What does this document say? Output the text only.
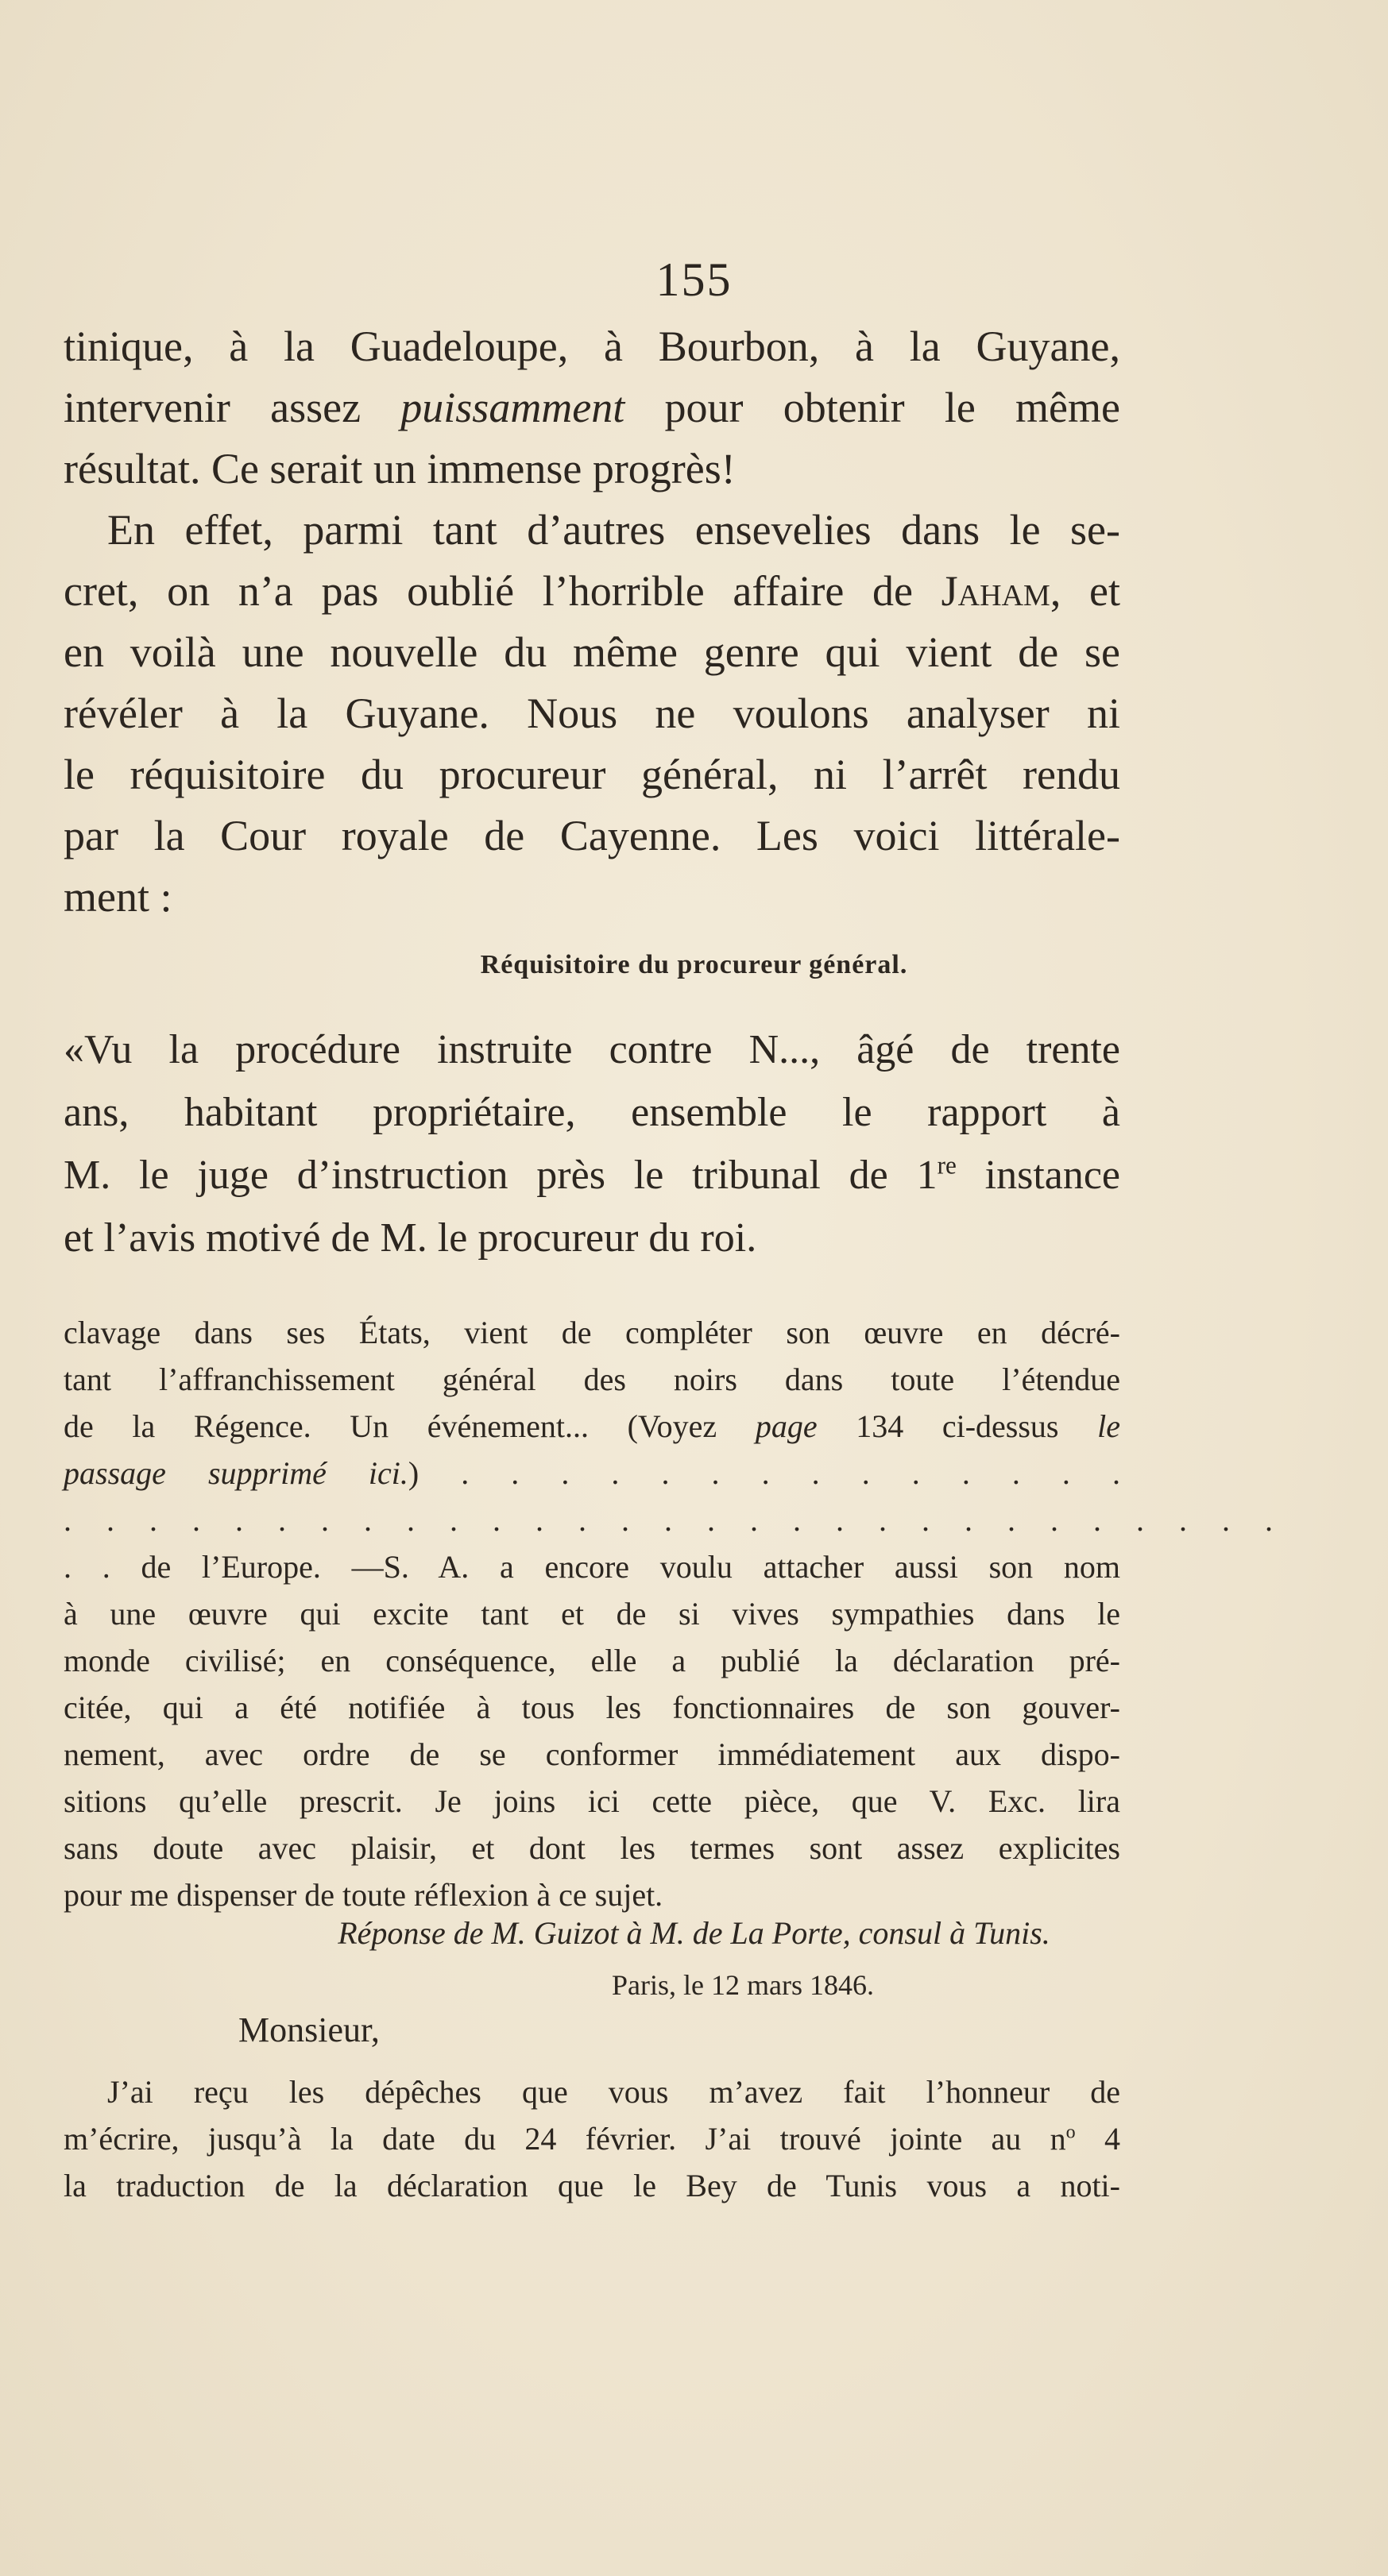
155
tinique, à la Guadeloupe, à Bourbon, à la Guyane,
intervenir assez puissamment pour obtenir le même
résultat. Ce serait un immense progrès!
En effet, parmi tant d’autres ensevelies dans le se-
cret, on n’a pas oublié l’horrible affaire de Jaham, et
en voilà une nouvelle du même genre qui vient de se
révéler à la Guyane. Nous ne voulons analyser ni
le réquisitoire du procureur général, ni l’arrêt rendu
par la Cour royale de Cayenne. Les voici littérale-
ment :
Réquisitoire du procureur général.
«Vu la procédure instruite contre N..., âgé de trente
ans, habitant propriétaire, ensemble le rapport à
M. le juge d’instruction près le tribunal de 1re instance
et l’avis motivé de M. le procureur du roi.
clavage dans ses États, vient de compléter son œuvre en décré-
tant l’affranchissement général des noirs dans toute l’étendue
de la Régence. Un événement... (Voyez page 134 ci-dessus le
passage supprimé ici.) . . . . . . . . . . . . . .
. . . . . . . . . . . . . . . . . . . . . . . . . . . . .
. . de l’Europe. —S. A. a encore voulu attacher aussi son nom
à une œuvre qui excite tant et de si vives sympathies dans le
monde civilisé; en conséquence, elle a publié la déclaration pré-
citée, qui a été notifiée à tous les fonctionnaires de son gouver-
nement, avec ordre de se conformer immédiatement aux dispo-
sitions qu’elle prescrit. Je joins ici cette pièce, que V. Exc. lira
sans doute avec plaisir, et dont les termes sont assez explicites
pour me dispenser de toute réflexion à ce sujet.
Réponse de M. Guizot à M. de La Porte, consul à Tunis.
Paris, le 12 mars 1846.
Monsieur,
J’ai reçu les dépêches que vous m’avez fait l’honneur de
m’écrire, jusqu’à la date du 24 février. J’ai trouvé jointe au $n^o$ 4
la traduction de la déclaration que le Bey de Tunis vous a noti-
